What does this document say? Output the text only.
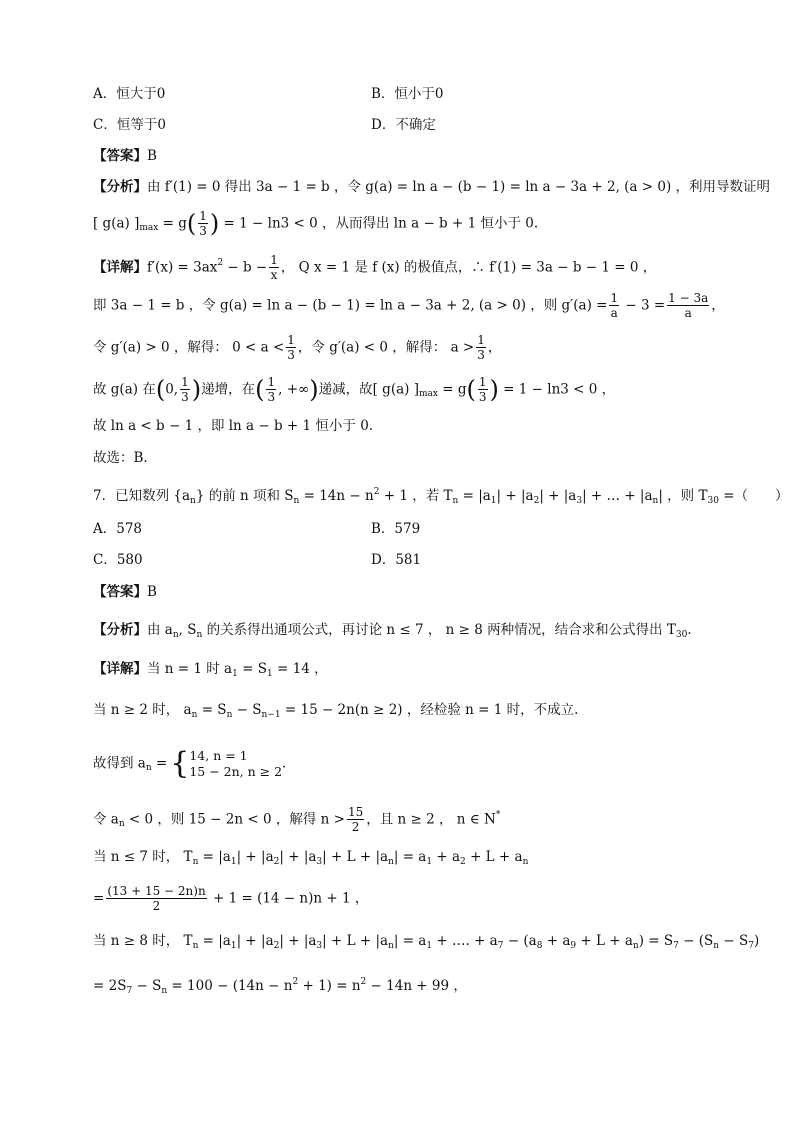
A．恒大于0	B．恒小于0
C．恒等于0	D．不确定
【答案】B
【分析】由 f′(1) = 0 得出 3a − 1 = b ，令 g(a) = ln a − (b − 1) = ln a − 3a + 2, (a > 0) ，利用导数证明
[ g(a) ]$_{max} = g( \frac{1}{3}$ ) = 1 − ln3 < 0 ，从而得出 ln a − b + 1 恒小于 0.
【详解】$f'(x) = 3ax^2 - b - \frac{1}{x}$ ， Q x = 1 是 f (x) 的极值点，∴ f′(1) = 3a − b − 1 = 0 ，
即 3a − 1 = b ，令 g(a) = ln a − (b − 1) = ln a − 3a + 2, (a > 0) ，则 $g'(a) = \frac{1}{a} - 3 = \frac{1 - 3a}{a}$ ，
令 g′(a) > 0 ，解得： $0 < a < \frac{1}{3}$ ，令 g′(a) < 0 ，解得： $a > \frac{1}{3}$ ，
故 g(a) 在(0, $\frac{1}{3}$ )递增，在( $\frac{1}{3}$ , +∞)递减，故[ g(a) ]$_{max} = g( \frac{1}{3}$ ) = 1 − ln3 < 0 ，
故 ln a < b − 1 ，即 ln a − b + 1 恒小于 0.
故选：B.
7．已知数列 $\{a_n\}$ 的前 n 项和 $S_n = 14n - n^2 + 1$ ，若 $T_n = |a_1| + |a_2| + |a_3|$ + … + $|a_n|$ ，则 $T_{30}$ =（　　）
A．578	B．579
C．580	D．581
【答案】B
【分析】由 $a_n$, $S_n$ 的关系得出通项公式，再讨论 n ≤ 7 ， n ≥ 8 两种情况，结合求和公式得出 $T_{30}$.
【详解】当 n = 1 时 $a_1 = S_1 = 14$ ，
当 n ≥ 2 时， $a_n = S_n - S_{n-1} = 15 - 2n(n \ge 2)$ ，经检验 n = 1 时，不成立.
故得到 $a_n$ = { 14, n = 1
15 − 2n, n ≥ 2 .
令 $a_n < 0$ ，则 15 − 2n < 0 ，解得 $n > \frac{15}{2}$ ，且 n ≥ 2 ， n ∈ N*
当 n ≤ 7 时， $T_n = |a_1| + |a_2| + |a_3| + L + |a_n| = a_1 + a_2 + L + a_n$
= $\frac{(13 + 15 - 2n)n}{2} + 1 = (14 - n)n + 1$ ，
当 n ≥ 8 时， $T_n = |a_1| + |a_2| + |a_3| + L + |a_n| = a_1$ + …. + $a_7 - (a_8 + a_9 + L + a_n) = S_7 - (S_n - S_7)$
= $2S_7 - S_n = 100 - (14n - n^2 + 1) = n^2 - 14n + 99$ ，
